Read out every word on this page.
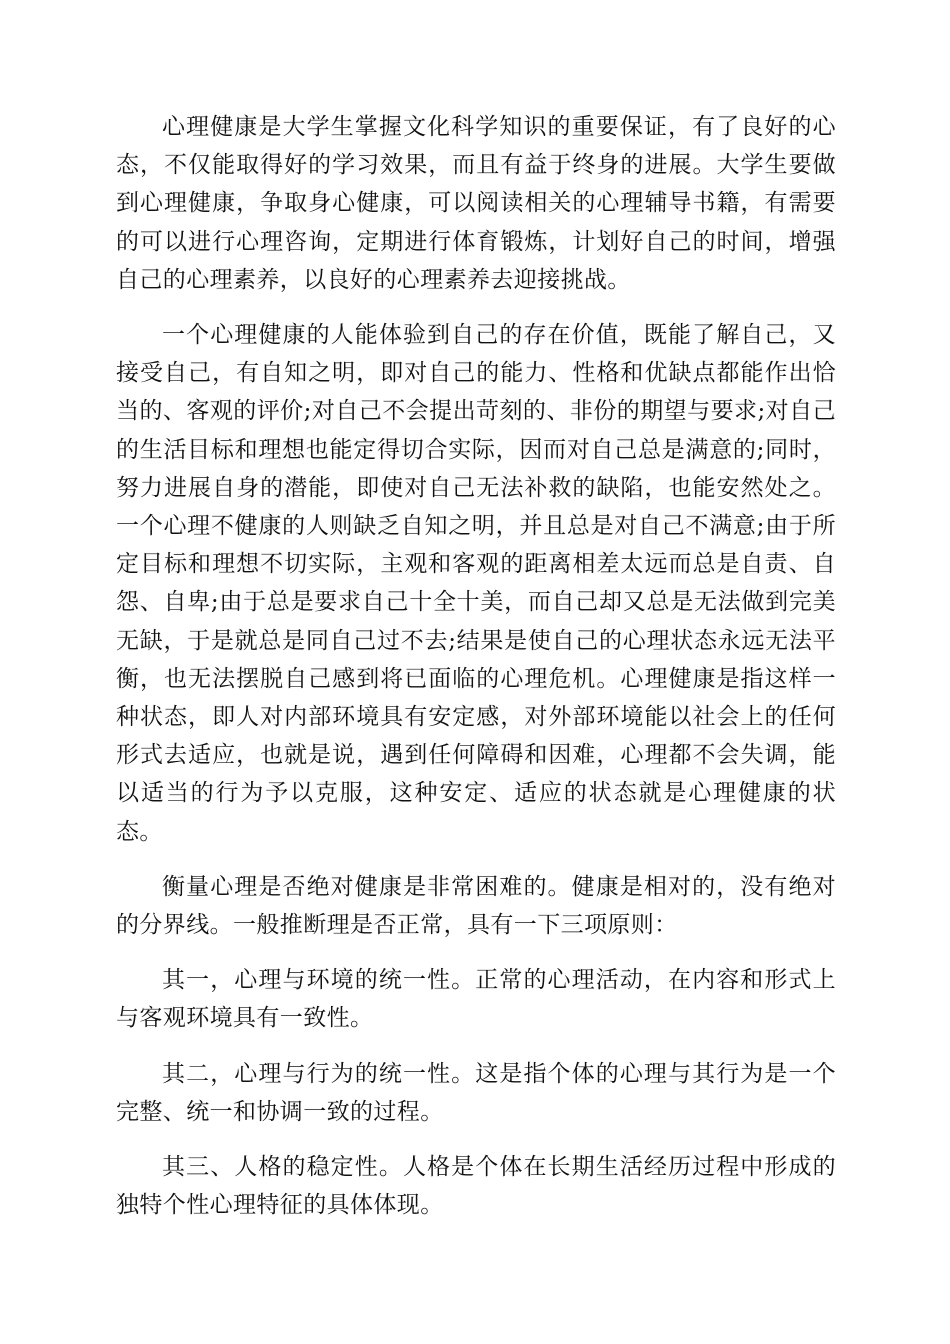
心理健康是大学生掌握文化科学知识的重要保证，有了良好的心态，不仅能取得好的学习效果，而且有益于终身的进展。大学生要做到心理健康，争取身心健康，可以阅读相关的心理辅导书籍，有需要的可以进行心理咨询，定期进行体育锻炼，计划好自己的时间，增强自己的心理素养，以良好的心理素养去迎接挑战。

一个心理健康的人能体验到自己的存在价值，既能了解自己，又接受自己，有自知之明，即对自己的能力、性格和优缺点都能作出恰当的、客观的评价;对自己不会提出苛刻的、非份的期望与要求;对自己的生活目标和理想也能定得切合实际，因而对自己总是满意的;同时，努力进展自身的潜能，即使对自己无法补救的缺陷，也能安然处之。一个心理不健康的人则缺乏自知之明，并且总是对自己不满意;由于所定目标和理想不切实际，主观和客观的距离相差太远而总是自责、自怨、自卑;由于总是要求自己十全十美，而自己却又总是无法做到完美无缺，于是就总是同自己过不去;结果是使自己的心理状态永远无法平衡，也无法摆脱自己感到将已面临的心理危机。心理健康是指这样一种状态，即人对内部环境具有安定感，对外部环境能以社会上的任何形式去适应，也就是说，遇到任何障碍和因难，心理都不会失调，能以适当的行为予以克服，这种安定、适应的状态就是心理健康的状态。

衡量心理是否绝对健康是非常困难的。健康是相对的，没有绝对的分界线。一般推断理是否正常，具有一下三项原则：

其一，心理与环境的统一性。正常的心理活动，在内容和形式上与客观环境具有一致性。

其二，心理与行为的统一性。这是指个体的心理与其行为是一个完整、统一和协调一致的过程。

其三、人格的稳定性。人格是个体在长期生活经历过程中形成的独特个性心理特征的具体体现。
